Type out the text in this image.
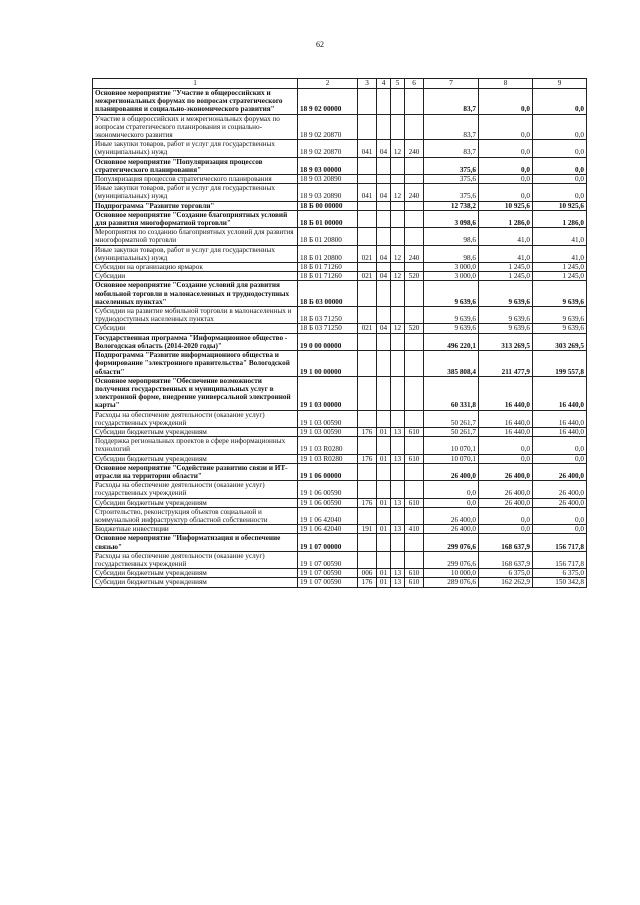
62
1	2	3	4	5	6	7	8	9
Основное мероприятие "Участие в общероссийских и межрегиональных форумах по вопросам стратегического планирования и социально-экономического развития"	18 9 02 00000					83,7	0,0	0,0
Участие в общероссийских и межрегиональных форумах по вопросам стратегического планирования и социально-экономического развития	18 9 02 20870					83,7	0,0	0,0
Иные закупки товаров, работ и услуг для государственных (муниципальных) нужд	18 9 02 20870	041	04	12	240	83,7	0,0	0,0
Основное мероприятие "Популяризация процессов стратегического планирования"	18 9 03 00000					375,6	0,0	0,0
Популяризация процессов стратегического планирования	18 9 03 20890					375,6	0,0	0,0
Иные закупки товаров, работ и услуг для государственных (муниципальных) нужд	18 9 03 20890	041	04	12	240	375,6	0,0	0,0
Подпрограмма "Развитие торговли"	18 Б 00 00000					12 738,2	10 925,6	10 925,6
Основное мероприятие "Создание благоприятных условий для развития многоформатной торговли"	18 Б 01 00000					3 098,6	1 286,0	1 286,0
Мероприятия по созданию благоприятных условий для развития многоформатной торговли	18 Б 01 20800					98,6	41,0	41,0
Иные закупки товаров, работ и услуг для государственных (муниципальных) нужд	18 Б 01 20800	021	04	12	240	98,6	41,0	41,0
Субсидии на организацию ярмарок	18 Б 01 71260					3 000,0	1 245,0	1 245,0
Субсидии	18 Б 01 71260	021	04	12	520	3 000,0	1 245,0	1 245,0
Основное мероприятие "Создание условий для развития мобильной торговли в малонаселенных и труднодоступных населенных пунктах"	18 Б 03 00000					9 639,6	9 639,6	9 639,6
Субсидии на развитие мобильной торговли в малонаселенных и труднодоступных населенных пунктах	18 Б 03 71250					9 639,6	9 639,6	9 639,6
Субсидии	18 Б 03 71250	021	04	12	520	9 639,6	9 639,6	9 639,6
Государственная программа "Информационное общество - Вологодская область (2014-2020 годы)"	19 0 00 00000					496 220,1	313 269,5	303 269,5
Подпрограмма "Развитие информационного общества и формирование "электронного правительства" Вологодской области"	19 1 00 00000					385 808,4	211 477,9	199 557,8
Основное мероприятие "Обеспечение возможности получения государственных и муниципальных услуг в электронной форме, внедрение универсальной электронной карты"	19 1 03 00000					60 331,8	16 440,0	16 440,0
Расходы на обеспечение деятельности (оказание услуг) государственных учреждений	19 1 03 00590					50 261,7	16 440,0	16 440,0
Субсидии бюджетным учреждениям	19 1 03 00590	176	01	13	610	50 261,7	16 440,0	16 440,0
Поддержка региональных проектов в сфере информационных технологий	19 1 03 R0280					10 070,1	0,0	0,0
Субсидии бюджетным учреждениям	19 1 03 R0280	176	01	13	610	10 070,1	0,0	0,0
Основное мероприятие "Содействие развитию связи и ИТ-отрасли на территории области"	19 1 06 00000					26 400,0	26 400,0	26 400,0
Расходы на обеспечение деятельности (оказание услуг) государственных учреждений	19 1 06 00590					0,0	26 400,0	26 400,0
Субсидии бюджетным учреждениям	19 1 06 00590	176	01	13	610	0,0	26 400,0	26 400,0
Строительство, реконструкция объектов социальной и коммунальной инфраструктур областной собственности	19 1 06 42040					26 400,0	0,0	0,0
Бюджетные инвестиции	19 1 06 42040	191	01	13	410	26 400,0	0,0	0,0
Основное мероприятие "Информатизация и обеспечение связью"	19 1 07 00000					299 076,6	168 637,9	156 717,8
Расходы на обеспечение деятельности (оказание услуг) государственных учреждений	19 1 07 00590					299 076,6	168 637,9	156 717,8
Субсидии бюджетным учреждениям	19 1 07 00590	006	01	13	610	10 000,0	6 375,0	6 375,0
Субсидии бюджетным учреждениям	19 1 07 00590	176	01	13	610	289 076,6	162 262,9	150 342,8
